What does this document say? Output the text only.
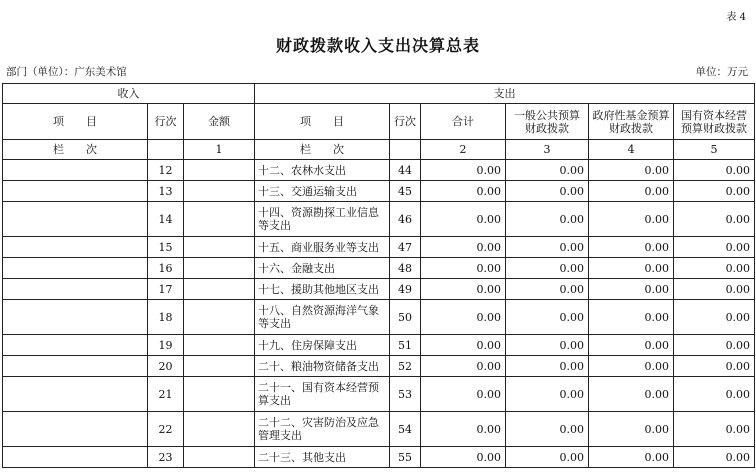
表 4
财政拨款收入支出决算总表
部门（单位）：广东美术馆	单位：万元
收入			支出					
项　　目	行次	金额	项　　目	行次	合计	一般公共预算财政拨款	政府性基金预算财政拨款	国有资本经营预算财政拨款
栏　　次		1	栏　　次		2	3	4	5
	12		十二、农林水支出	44	0.00	0.00	0.00	0.00
	13		十三、交通运输支出	45	0.00	0.00	0.00	0.00
	14		十四、资源勘探工业信息等支出	46	0.00	0.00	0.00	0.00
	15		十五、商业服务业等支出	47	0.00	0.00	0.00	0.00
	16		十六、金融支出	48	0.00	0.00	0.00	0.00
	17		十七、援助其他地区支出	49	0.00	0.00	0.00	0.00
	18		十八、自然资源海洋气象等支出	50	0.00	0.00	0.00	0.00
	19		十九、住房保障支出	51	0.00	0.00	0.00	0.00
	20		二十、粮油物资储备支出	52	0.00	0.00	0.00	0.00
	21		二十一、国有资本经营预算支出	53	0.00	0.00	0.00	0.00
	22		二十二、灾害防治及应急管理支出	54	0.00	0.00	0.00	0.00
	23		二十三、其他支出	55	0.00	0.00	0.00	0.00
